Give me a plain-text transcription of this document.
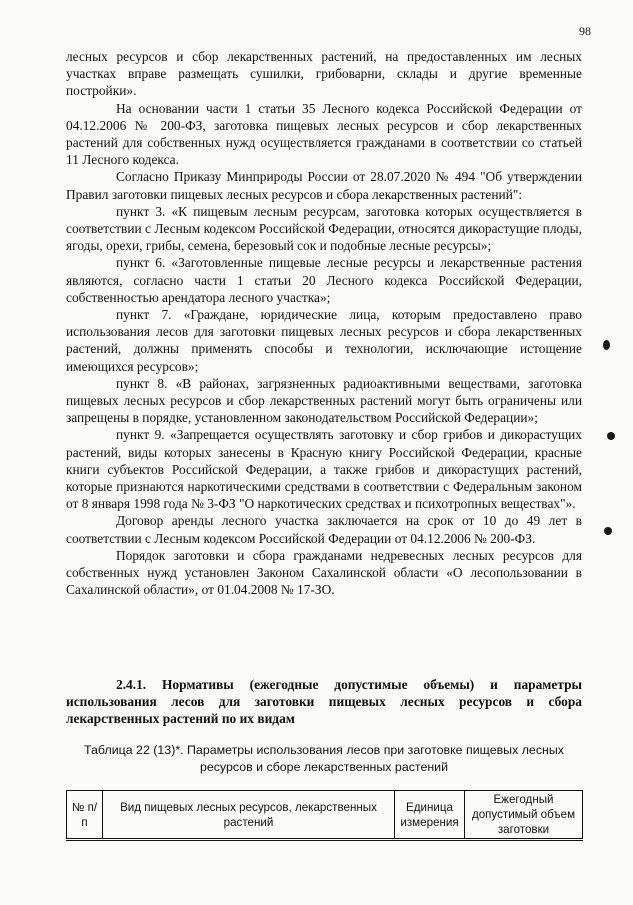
98

лесных ресурсов и сбор лекарственных растений, на предоставленных им лесных участках вправе размещать сушилки, грибоварни, склады и другие временные постройки».

На основании части 1 статьи 35 Лесного кодекса Российской Федерации от 04.12.2006 № 200-ФЗ, заготовка пищевых лесных ресурсов и сбор лекарственных растений для собственных нужд осуществляется гражданами в соответствии со статьей 11 Лесного кодекса.

Согласно Приказу Минприроды России от 28.07.2020 № 494 "Об утверждении Правил заготовки пищевых лесных ресурсов и сбора лекарственных растений":

пункт 3. «К пищевым лесным ресурсам, заготовка которых осуществляется в соответствии с Лесным кодексом Российской Федерации, относятся дикорастущие плоды, ягоды, орехи, грибы, семена, березовый сок и подобные лесные ресурсы»;

пункт 6. «Заготовленные пищевые лесные ресурсы и лекарственные растения являются, согласно части 1 статьи 20 Лесного кодекса Российской Федерации, собственностью арендатора лесного участка»;

пункт 7. «Граждане, юридические лица, которым предоставлено право использования лесов для заготовки пищевых лесных ресурсов и сбора лекарственных растений, должны применять способы и технологии, исключающие истощение имеющихся ресурсов»;

пункт 8. «В районах, загрязненных радиоактивными веществами, заготовка пищевых лесных ресурсов и сбор лекарственных растений могут быть ограничены или запрещены в порядке, установленном законодательством Российской Федерации»;

пункт 9. «Запрещается осуществлять заготовку и сбор грибов и дикорастущих растений, виды которых занесены в Красную книгу Российской Федерации, красные книги субъектов Российской Федерации, а также грибов и дикорастущих растений, которые признаются наркотическими средствами в соответствии с Федеральным законом от 8 января 1998 года № 3-ФЗ "О наркотических средствах и психотропных веществах"».

Договор аренды лесного участка заключается на срок от 10 до 49 лет в соответствии с Лесным кодексом Российской Федерации от 04.12.2006 № 200-ФЗ.

Порядок заготовки и сбора гражданами недревесных лесных ресурсов для собственных нужд установлен Законом Сахалинской области «О лесопользовании в Сахалинской области», от 01.04.2008 № 17-ЗО.

2.4.1. Нормативы (ежегодные допустимые объемы) и параметры использования лесов для заготовки пищевых лесных ресурсов и сбора лекарственных растений по их видам
Таблица 22 (13)*. Параметры использования лесов при заготовке пищевых лесных
ресурсов и сборе лекарственных растений
№ п/п	Вид пищевых лесных ресурсов, лекарственных растений	Единица измерения	Ежегодный допустимый объем заготовки
